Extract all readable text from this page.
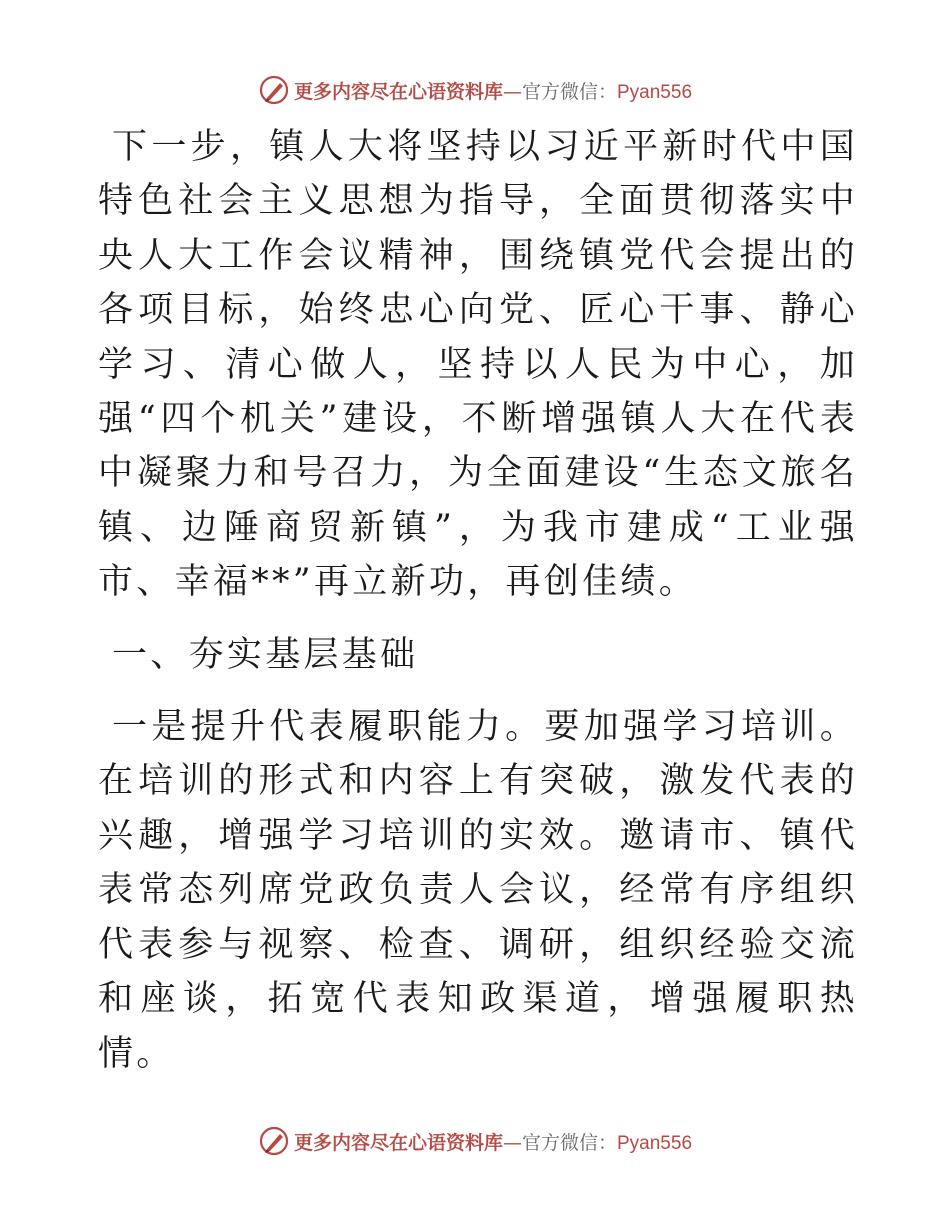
更多内容尽在心语资料库—官方微信：Pyan556

下一步，镇人大将坚持以习近平新时代中国特色社会主义思想为指导，全面贯彻落实中央人大工作会议精神，围绕镇党代会提出的各项目标，始终忠心向党、匠心干事、静心学习、清心做人，坚持以人民为中心，加强“四个机关”建设，不断增强镇人大在代表中凝聚力和号召力，为全面建设“生态文旅名镇、边陲商贸新镇”，为我市建成“工业强市、幸福**”再立新功，再创佳绩。

一、夯实基层基础

一是提升代表履职能力。要加强学习培训。在培训的形式和内容上有突破，激发代表的兴趣，增强学习培训的实效。邀请市、镇代表常态列席党政负责人会议，经常有序组织代表参与视察、检查、调研，组织经验交流和座谈，拓宽代表知政渠道，增强履职热情。

更多内容尽在心语资料库—官方微信：Pyan556
